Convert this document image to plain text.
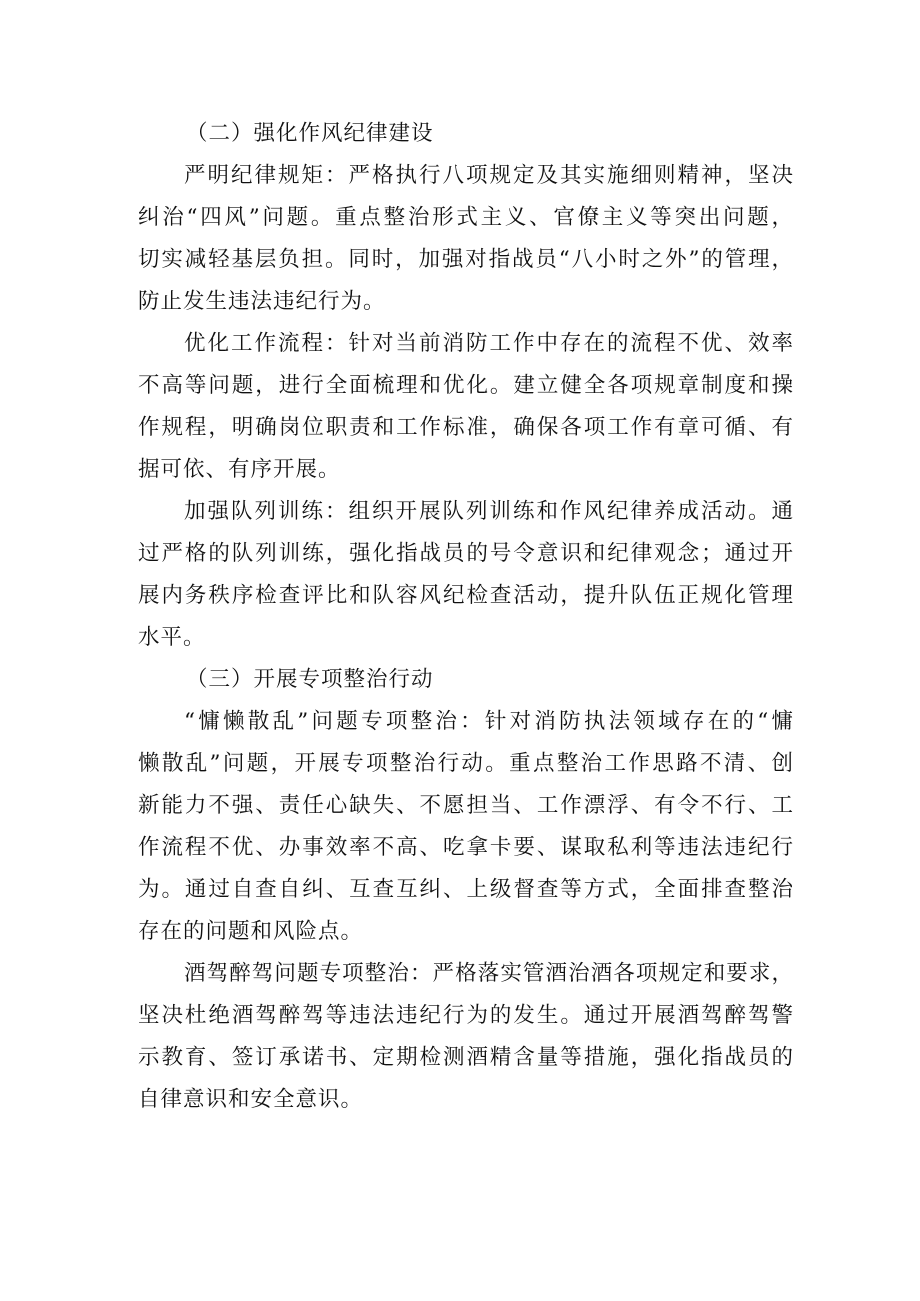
（二）强化作风纪律建设

严明纪律规矩：严格执行八项规定及其实施细则精神，坚决
纠治“四风”问题。重点整治形式主义、官僚主义等突出问题，
切实减轻基层负担。同时，加强对指战员“八小时之外”的管理，
防止发生违法违纪行为。

优化工作流程：针对当前消防工作中存在的流程不优、效率
不高等问题，进行全面梳理和优化。建立健全各项规章制度和操
作规程，明确岗位职责和工作标准，确保各项工作有章可循、有
据可依、有序开展。

加强队列训练：组织开展队列训练和作风纪律养成活动。通
过严格的队列训练，强化指战员的号令意识和纪律观念；通过开
展内务秩序检查评比和队容风纪检查活动，提升队伍正规化管理
水平。

（三）开展专项整治行动

“慵懒散乱”问题专项整治：针对消防执法领域存在的“慵
懒散乱”问题，开展专项整治行动。重点整治工作思路不清、创
新能力不强、责任心缺失、不愿担当、工作漂浮、有令不行、工
作流程不优、办事效率不高、吃拿卡要、谋取私利等违法违纪行
为。通过自查自纠、互查互纠、上级督查等方式，全面排查整治
存在的问题和风险点。

酒驾醉驾问题专项整治：严格落实管酒治酒各项规定和要求，
坚决杜绝酒驾醉驾等违法违纪行为的发生。通过开展酒驾醉驾警
示教育、签订承诺书、定期检测酒精含量等措施，强化指战员的
自律意识和安全意识。
